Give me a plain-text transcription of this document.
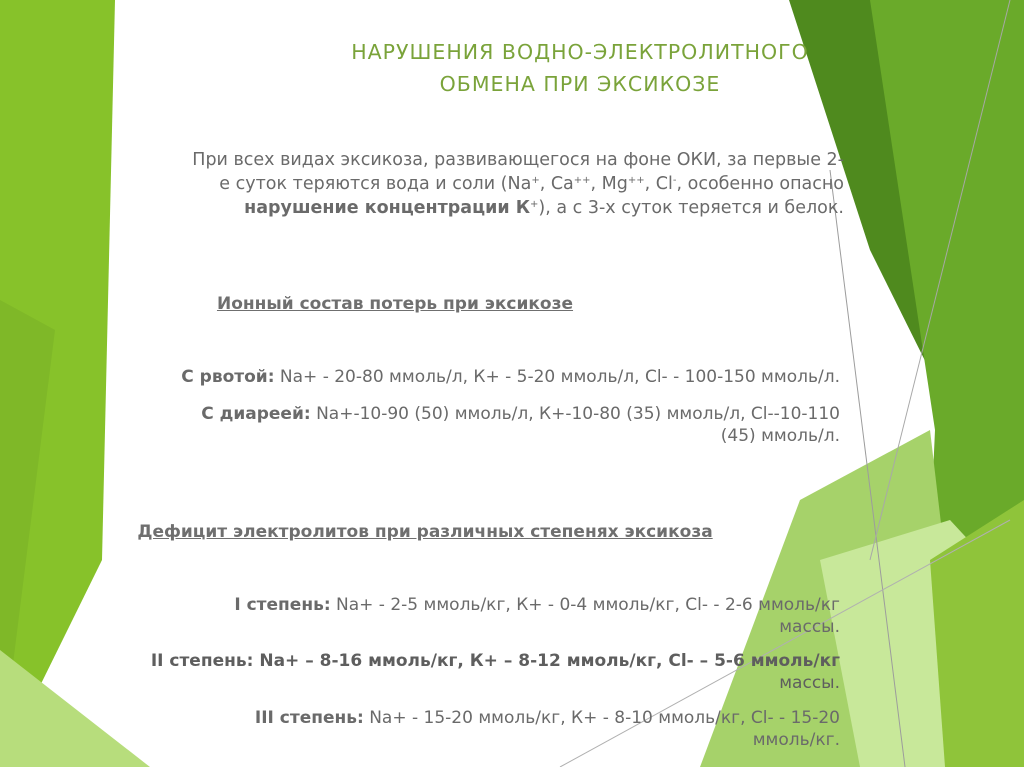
НАРУШЕНИЯ ВОДНО-ЭЛЕКТРОЛИТНОГО
ОБМЕНА ПРИ ЭКСИКОЗЕ
При всех видах эксикоза, развивающегося на фоне ОКИ, за первые 2-
е суток теряются вода и соли (Na+, Ca++, Mg++, Cl-, особенно опасно
нарушение концентрации К+), а с 3-х суток теряется и белок.
Ионный состав потерь при эксикозе
С рвотой: Na+ - 20-80 ммоль/л, К+ - 5-20 ммоль/л, Cl- - 100-150 ммоль/л.
С диареей: Na+-10-90 (50) ммоль/л, К+-10-80 (35) ммоль/л, Cl--10-110
(45) ммоль/л.
Дефицит электролитов при различных степенях эксикоза
I степень: Na+ - 2-5 ммоль/кг, К+ - 0-4 ммоль/кг, Cl- - 2-6 ммоль/кг
массы.
II степень: Na+ – 8-16 ммоль/кг, К+ – 8-12 ммоль/кг, Cl- – 5-6 ммоль/кг
массы.
III степень: Na+ - 15-20 ммоль/кг, К+ - 8-10 ммоль/кг, Cl- - 15-20
ммоль/кг.
